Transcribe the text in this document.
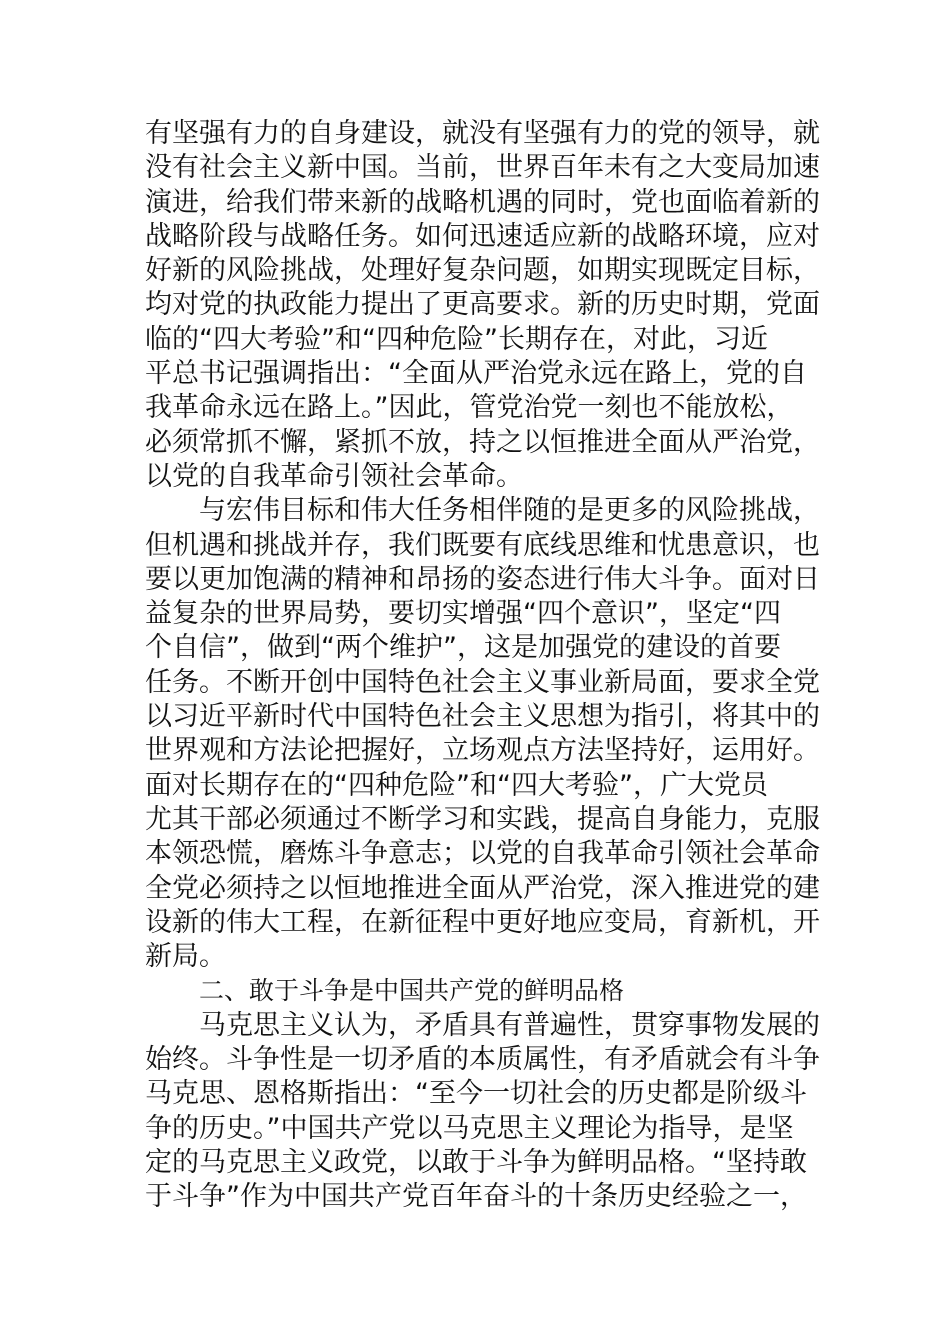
有坚强有力的自身建设，就没有坚强有力的党的领导，就
没有社会主义新中国。当前，世界百年未有之大变局加速
演进，给我们带来新的战略机遇的同时，党也面临着新的
战略阶段与战略任务。如何迅速适应新的战略环境，应对
好新的风险挑战，处理好复杂问题，如期实现既定目标，
均对党的执政能力提出了更高要求。新的历史时期，党面
临的“四大考验”和“四种危险”长期存在，对此，习近
平总书记强调指出：“全面从严治党永远在路上，党的自
我革命永远在路上。”因此，管党治党一刻也不能放松，
必须常抓不懈，紧抓不放，持之以恒推进全面从严治党，
以党的自我革命引领社会革命。
与宏伟目标和伟大任务相伴随的是更多的风险挑战，
但机遇和挑战并存，我们既要有底线思维和忧患意识，也
要以更加饱满的精神和昂扬的姿态进行伟大斗争。面对日
益复杂的世界局势，要切实增强“四个意识”，坚定“四
个自信”，做到“两个维护”，这是加强党的建设的首要
任务。不断开创中国特色社会主义事业新局面，要求全党
以习近平新时代中国特色社会主义思想为指引，将其中的
世界观和方法论把握好，立场观点方法坚持好，运用好。
面对长期存在的“四种危险”和“四大考验”，广大党员
尤其干部必须通过不断学习和实践，提高自身能力，克服
本领恐慌，磨炼斗争意志；以党的自我革命引领社会革命
全党必须持之以恒地推进全面从严治党，深入推进党的建
设新的伟大工程，在新征程中更好地应变局，育新机，开
新局。
二、敢于斗争是中国共产党的鲜明品格
马克思主义认为，矛盾具有普遍性，贯穿事物发展的
始终。斗争性是一切矛盾的本质属性，有矛盾就会有斗争
马克思、恩格斯指出：“至今一切社会的历史都是阶级斗
争的历史。”中国共产党以马克思主义理论为指导，是坚
定的马克思主义政党，以敢于斗争为鲜明品格。“坚持敢
于斗争”作为中国共产党百年奋斗的十条历史经验之一，
